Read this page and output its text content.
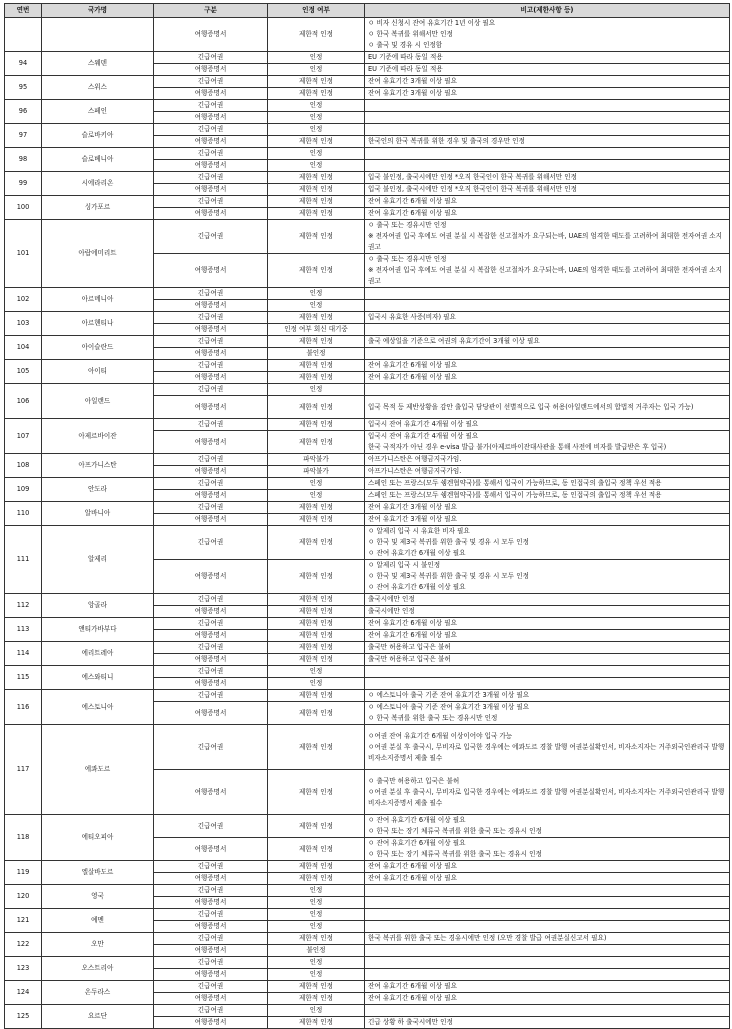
연번	국가명	구분	인정 여부	비고(제한사항 등)
		여행증명서	제한적 인정	ㅇ 비자 신청시 잔여 유효기간 1년 이상 필요
ㅇ 한국 복귀를 위해서만 인정
ㅇ 출국 및 경유 시 인정함

94	스웨덴	긴급여권	인정	EU 기준에 따라 동일 적용

		여행증명서	인정	EU 기준에 따라 동일 적용

95	스위스	긴급여권	제한적 인정	잔여 유효기간 3개월 이상 필요

		여행증명서	제한적 인정	잔여 유효기간 3개월 이상 필요

96	스페인	긴급여권	인정	

		여행증명서	인정	

97	슬로바키아	긴급여권	인정	

		여행증명서	제한적 인정	한국인의 한국 복귀를 위한 경우 및 출국의 경우만 인정

98	슬로베니아	긴급여권	인정	

		여행증명서	인정	

99	시에라리온	긴급여권	제한적 인정	입국 불인정, 출국시에만 인정 *오직 한국인이 한국 복귀를 위해서만 인정

		여행증명서	제한적 인정	입국 불인정, 출국시에만 인정 *오직 한국인이 한국 복귀를 위해서만 인정

100	싱가포르	긴급여권	제한적 인정	잔여 유효기간 6개월 이상 필요

		여행증명서	제한적 인정	잔여 유효기간 6개월 이상 필요

101	아랍에미리트	긴급여권	제한적 인정	ㅇ 출국 또는 경유시만 인정
※ 전자여권 입국 후에도 여권 분실 시 복잡한 신고절차가 요구되는바, UAE의 엄격한 태도를 고려하여 최대한 전자여권 소지 권고

		여행증명서	제한적 인정	ㅇ 출국 또는 경유시만 인정
※ 전자여권 입국 후에도 여권 분실 시 복잡한 신고절차가 요구되는바, UAE의 엄격한 태도를 고려하여 최대한 전자여권 소지 권고

102	아르메니아	긴급여권	인정	

		여행증명서	인정	

103	아르헨티나	긴급여권	제한적 인정	입국시 유효한 사증(비자) 필요

		여행증명서	인정 여부 회신 대기중	

104	아이슬란드	긴급여권	제한적 인정	출국 예상일을 기준으로 여권의 유효기간이 3개월 이상 필요

		여행증명서	불인정	

105	아이티	긴급여권	제한적 인정	잔여 유효기간 6개월 이상 필요

		여행증명서	제한적 인정	잔여 유효기간 6개월 이상 필요

106	아일랜드	긴급여권	인정	

		여행증명서	제한적 인정	입국 목적 등 제반상황을 감안 출입국 담당관이 선별적으로 입국 허용(아일랜드에서의 합법적 거주자는 입국 가능)

107	아제르바이잔	긴급여권	제한적 인정	입국시 잔여 유효기간 4개월 이상 필요

		여행증명서	제한적 인정	입국시 잔여 유효기간 4개월 이상 필요
한국 국적자가 아닌 경우 e-visa 발급 불가(아제르바이잔대사관을 통해 사전에 비자를 발급받은 후 입국)

108	아프가니스탄	긴급여권	파악불가	아프가니스탄은 여행금지국가임.

		여행증명서	파악불가	아프가니스탄은 여행금지국가임.

109	안도라	긴급여권	인정	스페인 또는 프랑스(모두 쉥겐협약국)를 통해서 입국이 가능하므로, 동 인접국의 출입국 정책 우선 적용

		여행증명서	인정	스페인 또는 프랑스(모두 쉥겐협약국)를 통해서 입국이 가능하므로, 동 인접국의 출입국 정책 우선 적용

110	알바니아	긴급여권	제한적 인정	잔여 유효기간 3개월 이상 필요

		여행증명서	제한적 인정	잔여 유효기간 3개월 이상 필요

111	알제리	긴급여권	제한적 인정	ㅇ 알제리 입국 시 유효한 비자 필요
ㅇ 한국 및 제3국 복귀를 위한 출국 및 경유 시 모두 인정
ㅇ 잔여 유효기간 6개월 이상 필요

		여행증명서	제한적 인정	ㅇ 알제리 입국 시 불인정
ㅇ 한국 및 제3국 복귀를 위한 출국 및 경유 시 모두 인정
ㅇ 잔여 유효기간 6개월 이상 필요

112	앙골라	긴급여권	제한적 인정	출국시에만 인정

		여행증명서	제한적 인정	출국시에만 인정

113	앤티가바부다	긴급여권	제한적 인정	잔여 유효기간 6개월 이상 필요

		여행증명서	제한적 인정	잔여 유효기간 6개월 이상 필요

114	에리트레아	긴급여권	제한적 인정	출국만 허용하고 입국은 불허

		여행증명서	제한적 인정	출국만 허용하고 입국은 불허

115	에스와티니	긴급여권	인정	

		여행증명서	인정	

116	에스토니아	긴급여권	제한적 인정	ㅇ 에스토니아 출국 기준 잔여 유효기간 3개월 이상 필요

		여행증명서	제한적 인정	ㅇ 에스토니아 출국 기준 잔여 유효기간 3개월 이상 필요
ㅇ 한국 복귀를 위한 출국 또는 경유시만 인정

117	에콰도르	긴급여권	제한적 인정	ㅇ여권 잔여 유효기간 6개월 이상이어야 입국 가능
ㅇ여권 분실 후 출국시, 무비자로 입국한 경우에는 에콰도르 경찰 발행 여권분실확인서, 비자소지자는 거주외국인관리국 발행 비자소지증명서 제출 필수

		여행증명서	제한적 인정	ㅇ 출국만 허용하고 입국은 불허
ㅇ여권 분실 후 출국시, 무비자로 입국한 경우에는 에콰도르 경찰 발행 여권분실확인서, 비자소지자는 거주외국인관리국 발행 비자소지증명서 제출 필수

118	에티오피아	긴급여권	제한적 인정	ㅇ 잔여 유효기간 6개월 이상 필요
ㅇ 한국 또는 장기 체류국 복귀를 위한 출국 또는 경유시 인정

		여행증명서	제한적 인정	ㅇ 잔여 유효기간 6개월 이상 필요
ㅇ 한국 또는 장기 체류국 복귀를 위한 출국 또는 경유시 인정

119	엘살바도르	긴급여권	제한적 인정	잔여 유효기간 6개월 이상 필요

		여행증명서	제한적 인정	잔여 유효기간 6개월 이상 필요

120	영국	긴급여권	인정	

		여행증명서	인정	

121	예멘	긴급여권	인정	

		여행증명서	인정	

122	오만	긴급여권	제한적 인정	한국 복귀를 위한 출국 또는 경유시에만 인정 (오만 경찰 발급 여권분실신고서 필요)

		여행증명서	불인정	

123	오스트리아	긴급여권	인정	

		여행증명서	인정	

124	온두라스	긴급여권	제한적 인정	잔여 유효기간 6개월 이상 필요

		여행증명서	제한적 인정	잔여 유효기간 6개월 이상 필요

125	요르단	긴급여권	인정	

		여행증명서	제한적 인정	긴급 상황 하 출국시에만 인정
